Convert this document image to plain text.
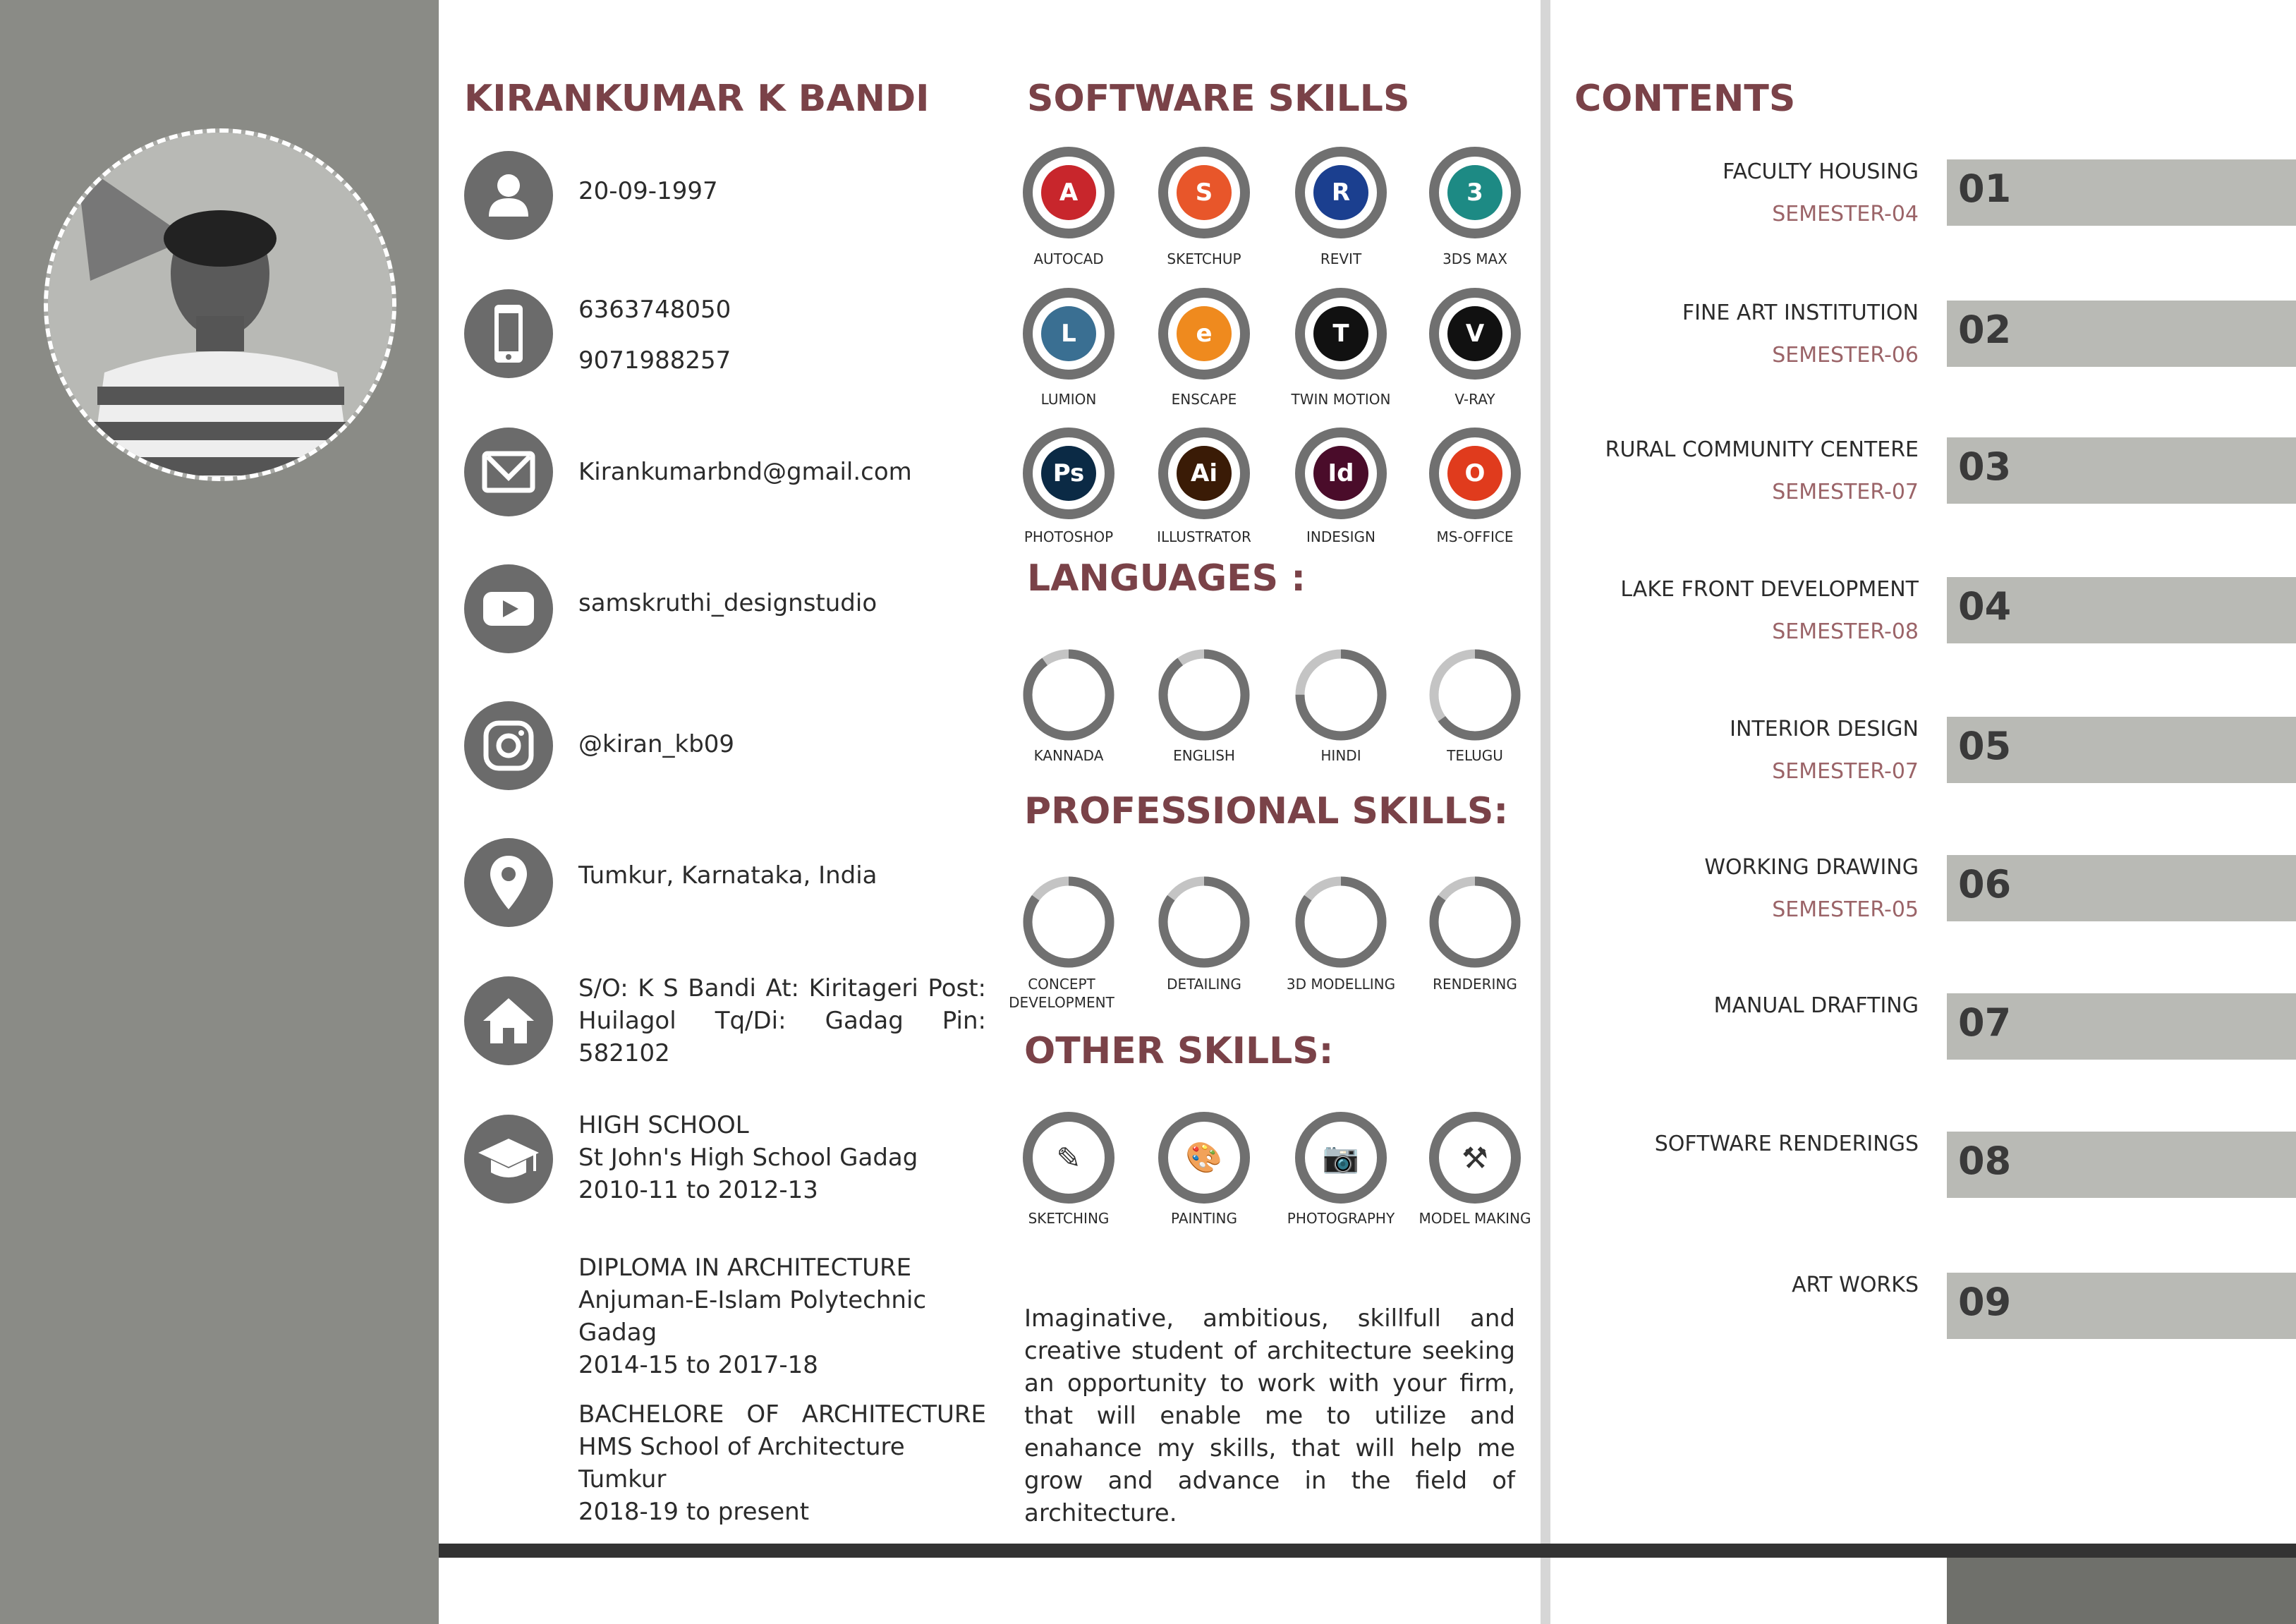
KIRANKUMAR K BANDI
20-09-1997
6363748050
9071988257
Kirankumarbnd@gmail.com
samskruthi_designstudio
@kiran_kb09
Tumkur, Karnataka, India
S/O: K S Bandi At: Kiritageri Post: Huilagol Tq/Di: Gadag Pin: 582102
HIGH SCHOOL
St John's High School Gadag
2010-11 to 2012-13
DIPLOMA IN ARCHITECTURE
Anjuman-E-Islam Polytechnic Gadag
2014-15 to 2017-18
BACHELORE OF ARCHITECTURE
HMS School of Architecture Tumkur
2018-19 to present
SOFTWARE SKILLS
A
AUTOCAD
S
SKETCHUP
R
REVIT
3
3DS MAX
L
LUMION
e
ENSCAPE
T
TWIN MOTION
V
V-RAY
Ps
PHOTOSHOP
Ai
ILLUSTRATOR
Id
INDESIGN
O
MS-OFFICE
LANGUAGES :
KANNADA	ENGLISH	HINDI	TELUGU
PROFESSIONAL SKILLS:
CONCEPT DEVELOPMENT
DETAILING	3D MODELLING	RENDERING
OTHER SKILLS:
✎
SKETCHING
🎨
PAINTING
📷
PHOTOGRAPHY
⚒
MODEL MAKING
Imaginative, ambitious, skillfull and creative student of architecture seeking an opportunity to work with your firm, that will enable me to utilize and enahance my skills, that will help me grow and advance in the field of architecture.
CONTENTS
FACULTY HOUSING
SEMESTER-04
01
FINE ART INSTITUTION
SEMESTER-06
02
RURAL COMMUNITY CENTERE
SEMESTER-07
03
LAKE FRONT DEVELOPMENT
SEMESTER-08
04
INTERIOR DESIGN
SEMESTER-07
05
WORKING DRAWING
SEMESTER-05
06
MANUAL DRAFTING 07
SOFTWARE RENDERINGS 08
ART WORKS 09
